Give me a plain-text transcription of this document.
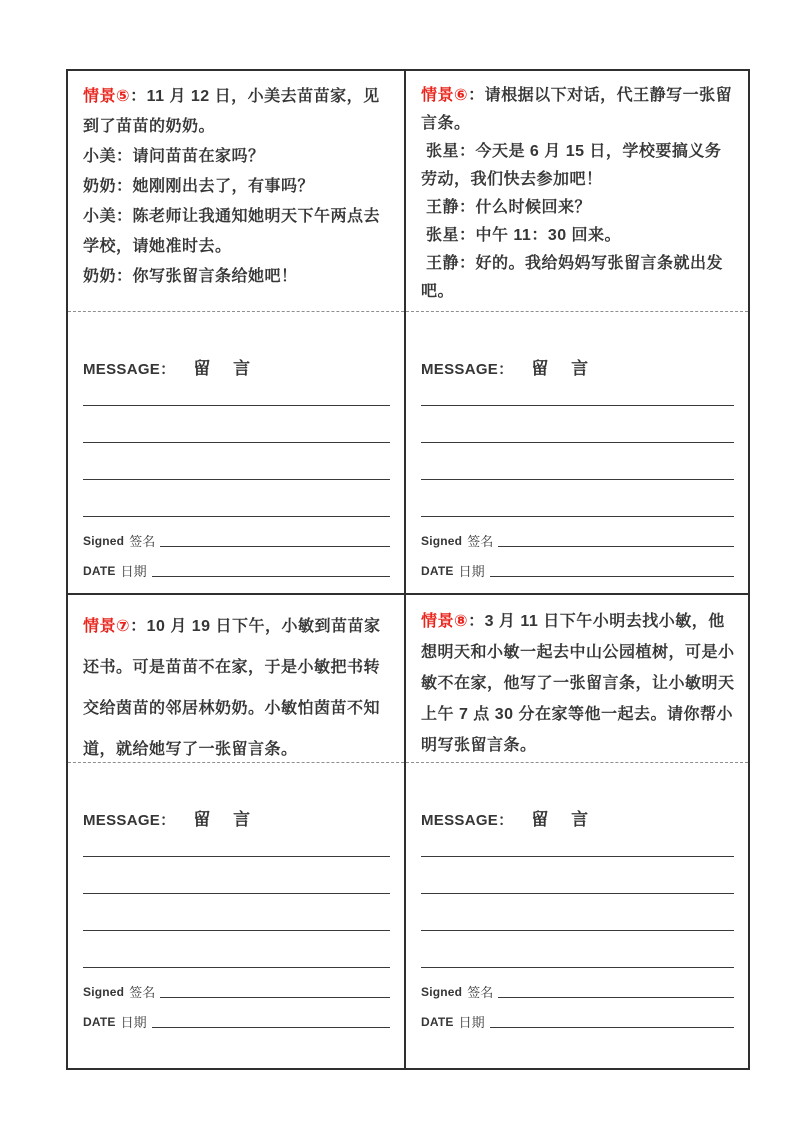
情景⑤：11 月 12 日，小美去苗苗家，见到了苗苗的奶奶。

小美：请问苗苗在家吗？
奶奶：她刚刚出去了，有事吗？
小美：陈老师让我通知她明天下午两点去学校，请她准时去。
奶奶：你写张留言条给她吧！
MESSAGE： 留 言
Signed 签名
DATE 日期

情景⑥：请根据以下对话，代王静写一张留言条。

张星：今天是 6 月 15 日，学校要搞义务劳动，我们快去参加吧！
王静：什么时候回来？
张星：中午 11：30 回来。
王静：好的。我给妈妈写张留言条就出发吧。
MESSAGE： 留 言
Signed 签名
DATE 日期

情景⑦：10 月 19 日下午，小敏到苗苗家还书。可是苗苗不在家，于是小敏把书转交给茵苗的邻居林奶奶。小敏怕茵苗不知道，就给她写了一张留言条。

MESSAGE： 留 言
Signed 签名
DATE 日期

情景⑧：3 月 11 日下午小明去找小敏，他想明天和小敏一起去中山公园植树，可是小敏不在家，他写了一张留言条，让小敏明天上午 7 点 30 分在家等他一起去。请你帮小明写张留言条。

MESSAGE： 留 言
Signed 签名
DATE 日期
